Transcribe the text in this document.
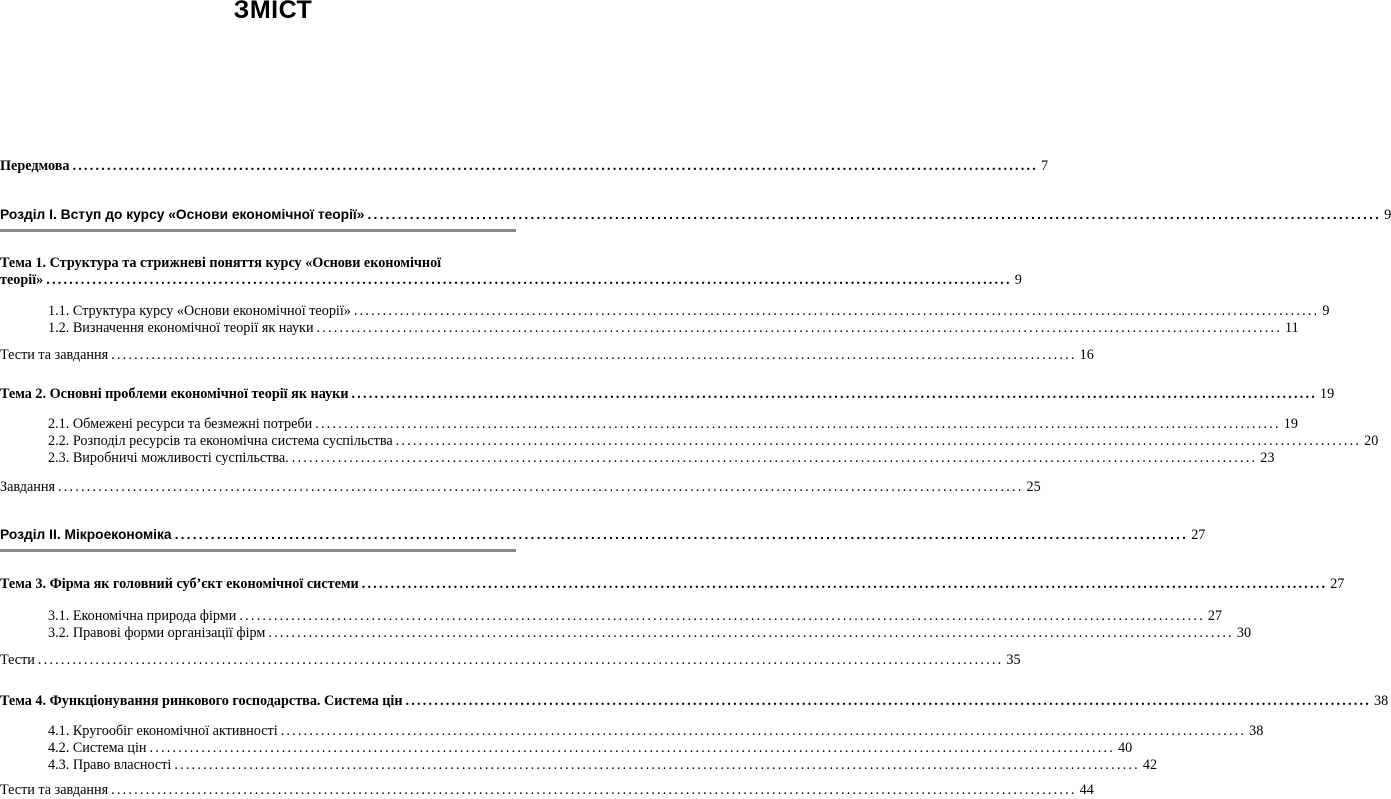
ЗМІСТ
Передмова ........................................................................................................................................................................ 7
Розділ I. Вступ до курсу «Основи економічної теорії» ........................................................................................................................................................................ 9
Тема 1. Структура та стрижневі поняття курсу «Основи економічної
теорії» ........................................................................................................................................................................ 9
1.1. Структура курсу «Основи економічної теорії» ........................................................................................................................................................................ 9
1.2. Визначення економічної теорії як науки ........................................................................................................................................................................ 11
Тести та завдання ........................................................................................................................................................................ 16
Тема 2. Основні проблеми економічної теорії як науки ........................................................................................................................................................................ 19
2.1. Обмежені ресурси та безмежні потреби ........................................................................................................................................................................ 19
2.2. Розподіл ресурсів та економічна система суспільства ........................................................................................................................................................................ 20
2.3. Виробничі можливості суспільства. ........................................................................................................................................................................ 23
Завдання ........................................................................................................................................................................ 25
Розділ II. Мікроекономіка ........................................................................................................................................................................ 27
Тема 3. Фірма як головний суб’єкт економічної системи ........................................................................................................................................................................ 27
3.1. Економічна природа фірми ........................................................................................................................................................................ 27
3.2. Правові форми організації фірм ........................................................................................................................................................................ 30
Тести ........................................................................................................................................................................ 35
Тема 4. Функціонування ринкового господарства. Система цін ........................................................................................................................................................................ 38
4.1. Кругообіг економічної активності ........................................................................................................................................................................ 38
4.2. Система цін ........................................................................................................................................................................ 40
4.3. Право власності ........................................................................................................................................................................ 42
Тести та завдання ........................................................................................................................................................................ 44
